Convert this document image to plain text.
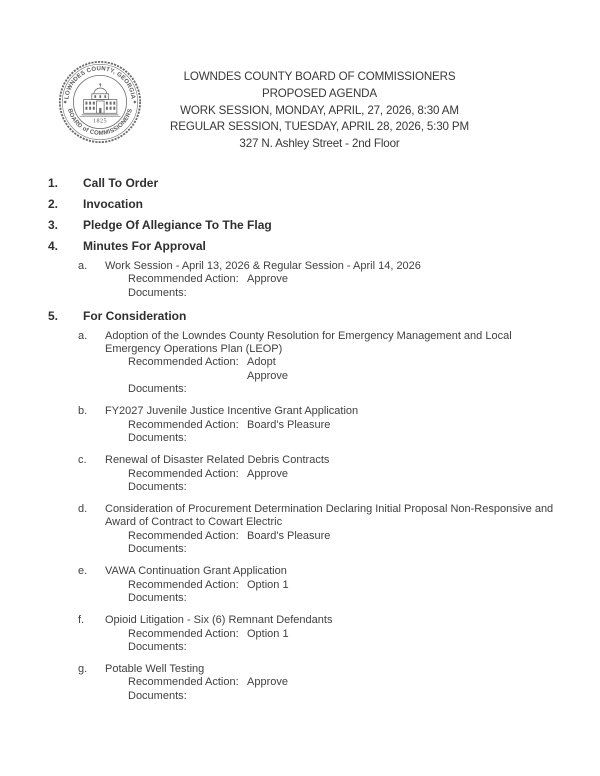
LOWNDES COUNTY, GEORGIA
BOARD of COMMISSIONERS
1825
LOWNDES COUNTY BOARD OF COMMISSIONERS
PROPOSED AGENDA
WORK SESSION, MONDAY, APRIL, 27, 2026, 8:30 AM
REGULAR SESSION, TUESDAY, APRIL 28, 2026, 5:30 PM
327 N. Ashley Street - 2nd Floor
1.	Call To Order
2.	Invocation
3.	Pledge Of Allegiance To The Flag
4.	Minutes For Approval
a.	Work Session - April 13, 2026 & Regular Session - April 14, 2026
Recommended Action: Approve
Documents:
5.	For Consideration
a.	Adoption of the Lowndes County Resolution for Emergency Management and Local Emergency Operations Plan (LEOP)
Recommended Action: Adopt
Approve
Documents:
b.	FY2027 Juvenile Justice Incentive Grant Application
Recommended Action: Board's Pleasure
Documents:
c.	Renewal of Disaster Related Debris Contracts
Recommended Action: Approve
Documents:
d.	Consideration of Procurement Determination Declaring Initial Proposal Non-Responsive and Award of Contract to Cowart Electric
Recommended Action: Board's Pleasure
Documents:
e.	VAWA Continuation Grant Application
Recommended Action: Option 1
Documents:
f.	Opioid Litigation - Six (6) Remnant Defendants
Recommended Action: Option 1
Documents:
g.	Potable Well Testing
Recommended Action: Approve
Documents:
